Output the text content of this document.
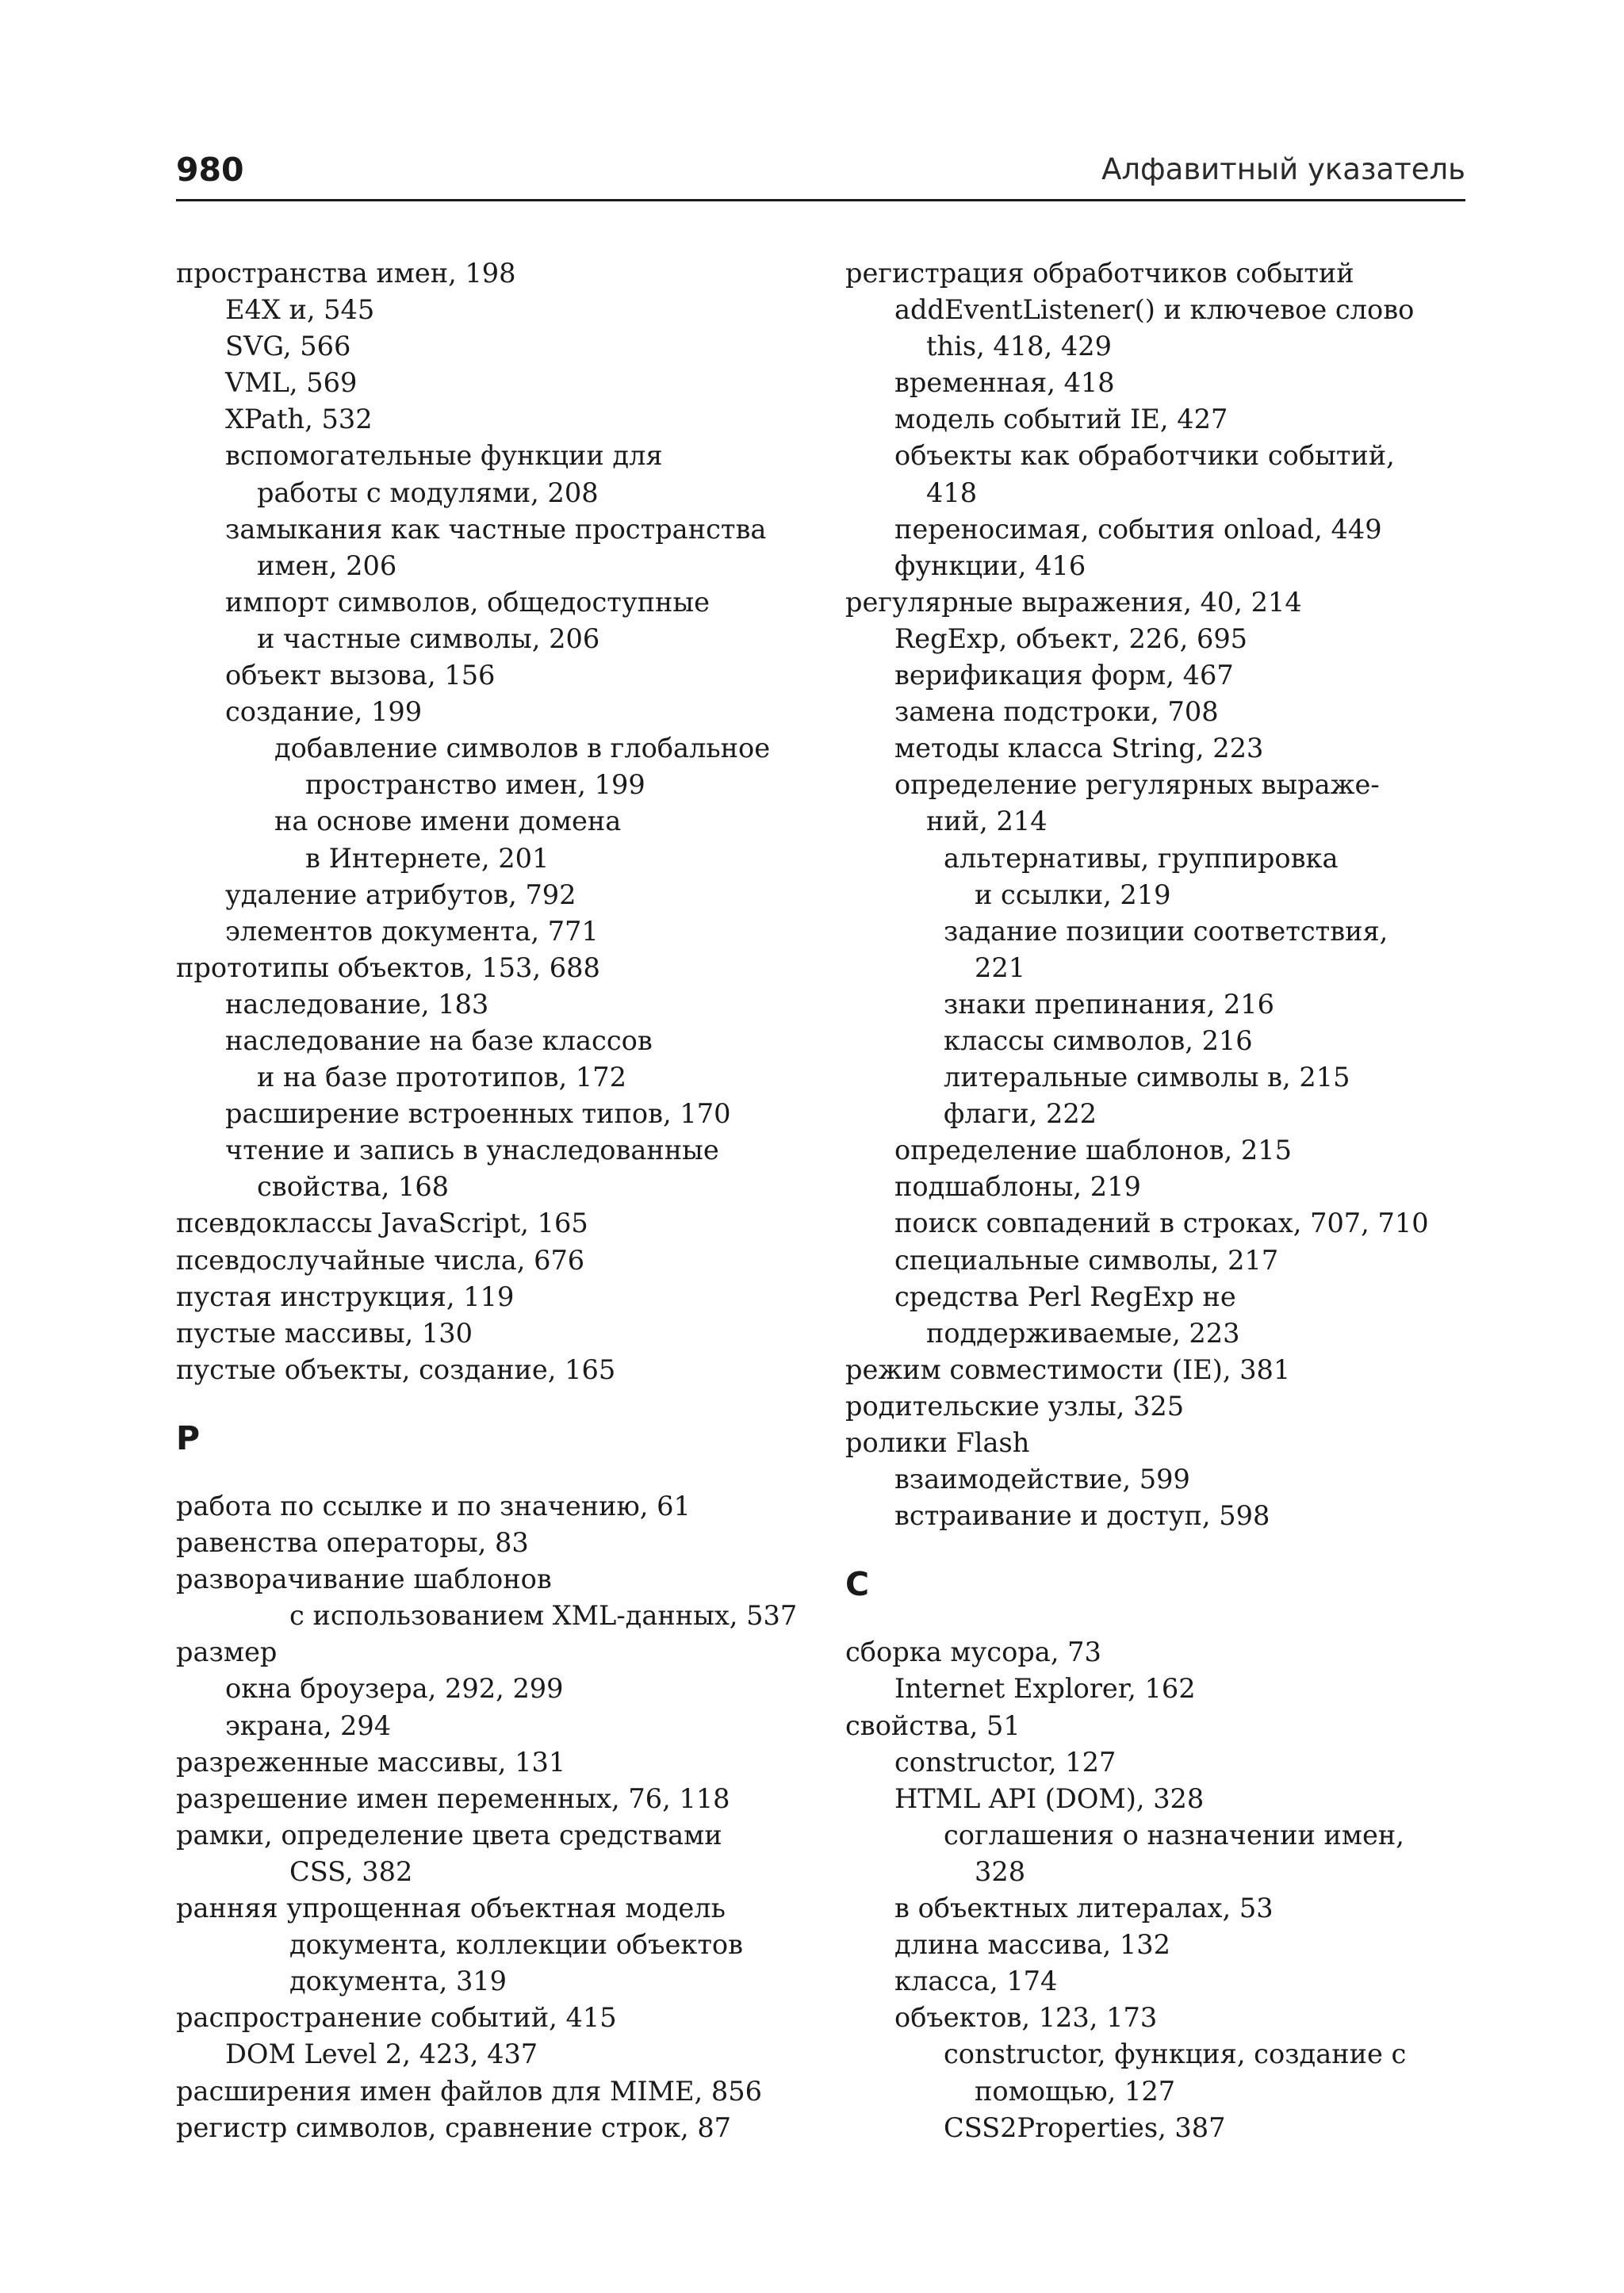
980	Алфавитный указатель
пространства имен, 198
E4X и, 545
SVG, 566
VML, 569
XPath, 532
вспомогательные функции для
работы с модулями, 208
замыкания как частные пространства
имен, 206
импорт символов, общедоступные
и частные символы, 206
объект вызова, 156
создание, 199
добавление символов в глобальное
пространство имен, 199
на основе имени домена
в Интернете, 201
удаление атрибутов, 792
элементов документа, 771
прототипы объектов, 153, 688
наследование, 183
наследование на базе классов
и на базе прототипов, 172
расширение встроенных типов, 170
чтение и запись в унаследованные
свойства, 168
псевдоклассы JavaScript, 165
псевдослучайные числа, 676
пустая инструкция, 119
пустые массивы, 130
пустые объекты, создание, 165
Р
работа по ссылке и по значению, 61
равенства операторы, 83
разворачивание шаблонов
с использованием XML-данных, 537
размер
окна броузера, 292, 299
экрана, 294
разреженные массивы, 131
разрешение имен переменных, 76, 118
рамки, определение цвета средствами
CSS, 382
ранняя упрощенная объектная модель
документа, коллекции объектов
документа, 319
распространение событий, 415
DOM Level 2, 423, 437
расширения имен файлов для MIME, 856
регистр символов, сравнение строк, 87
регистрация обработчиков событий
addEventListener() и ключевое слово
this, 418, 429
временная, 418
модель событий IE, 427
объекты как обработчики событий,
418
переносимая, события onload, 449
функции, 416
регулярные выражения, 40, 214
RegExp, объект, 226, 695
верификация форм, 467
замена подстроки, 708
методы класса String, 223
определение регулярных выраже-
ний, 214
альтернативы, группировка
и ссылки, 219
задание позиции соответствия,
221
знаки препинания, 216
классы символов, 216
литеральные символы в, 215
флаги, 222
определение шаблонов, 215
подшаблоны, 219
поиск совпадений в строках, 707, 710
специальные символы, 217
средства Perl RegExp не
поддерживаемые, 223
режим совместимости (IE), 381
родительские узлы, 325
ролики Flash
взаимодействие, 599
встраивание и доступ, 598
С
сборка мусора, 73
Internet Explorer, 162
свойства, 51
constructor, 127
HTML API (DOM), 328
соглашения о назначении имен,
328
в объектных литералах, 53
длина массива, 132
класса, 174
объектов, 123, 173
constructor, функция, создание с
помощью, 127
CSS2Properties, 387
